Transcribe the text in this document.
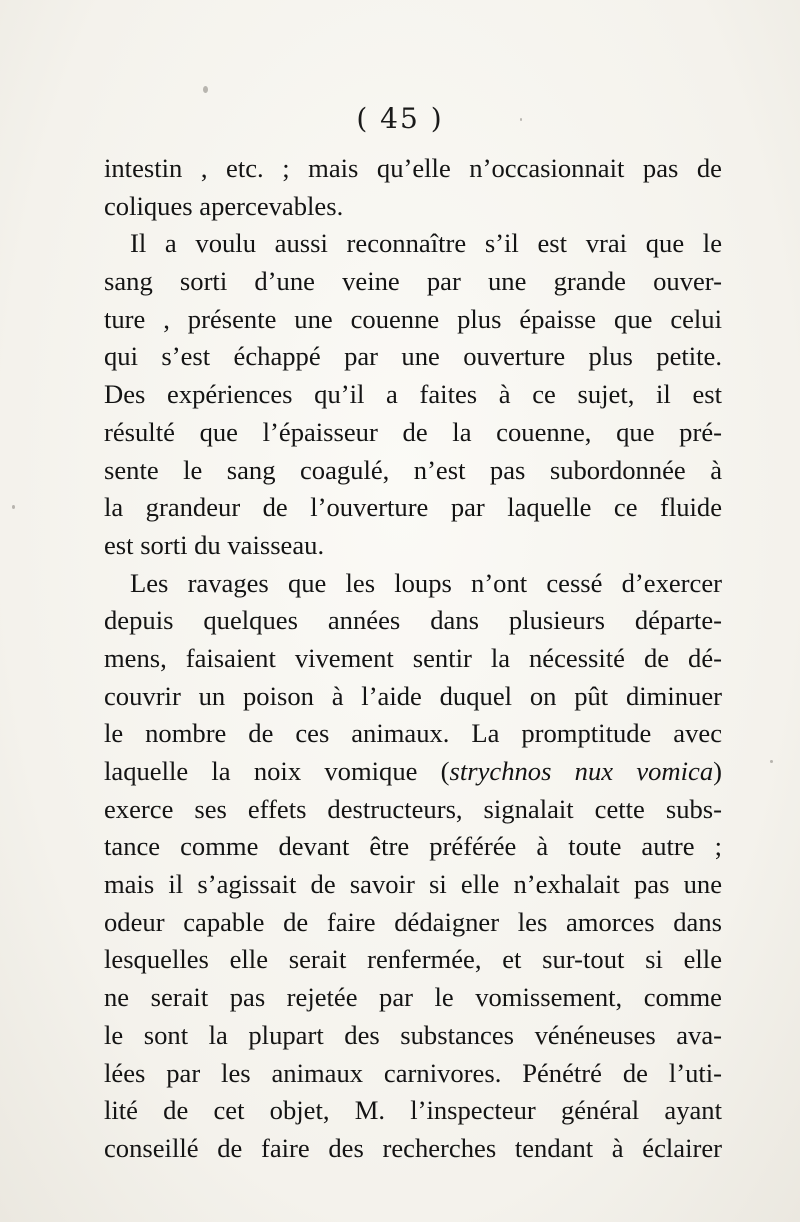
( 45 )
intestin , etc. ; mais qu’elle n’occasionnait pas de
coliques apercevables.
Il a voulu aussi reconnaître s’il est vrai que le
sang sorti d’une veine par une grande ouver-
ture , présente une couenne plus épaisse que celui
qui s’est échappé par une ouverture plus petite.
Des expériences qu’il a faites à ce sujet, il est
résulté que l’épaisseur de la couenne, que pré-
sente le sang coagulé, n’est pas subordonnée à
la grandeur de l’ouverture par laquelle ce fluide
est sorti du vaisseau.
Les ravages que les loups n’ont cessé d’exercer
depuis quelques années dans plusieurs départe-
mens, faisaient vivement sentir la nécessité de dé-
couvrir un poison à l’aide duquel on pût diminuer
le nombre de ces animaux. La promptitude avec
laquelle la noix vomique (strychnos nux vomica)
exerce ses effets destructeurs, signalait cette subs-
tance comme devant être préférée à toute autre ;
mais il s’agissait de savoir si elle n’exhalait pas une
odeur capable de faire dédaigner les amorces dans
lesquelles elle serait renfermée, et sur-tout si elle
ne serait pas rejetée par le vomissement, comme
le sont la plupart des substances vénéneuses ava-
lées par les animaux carnivores. Pénétré de l’uti-
lité de cet objet, M. l’inspecteur général ayant
conseillé de faire des recherches tendant à éclairer
